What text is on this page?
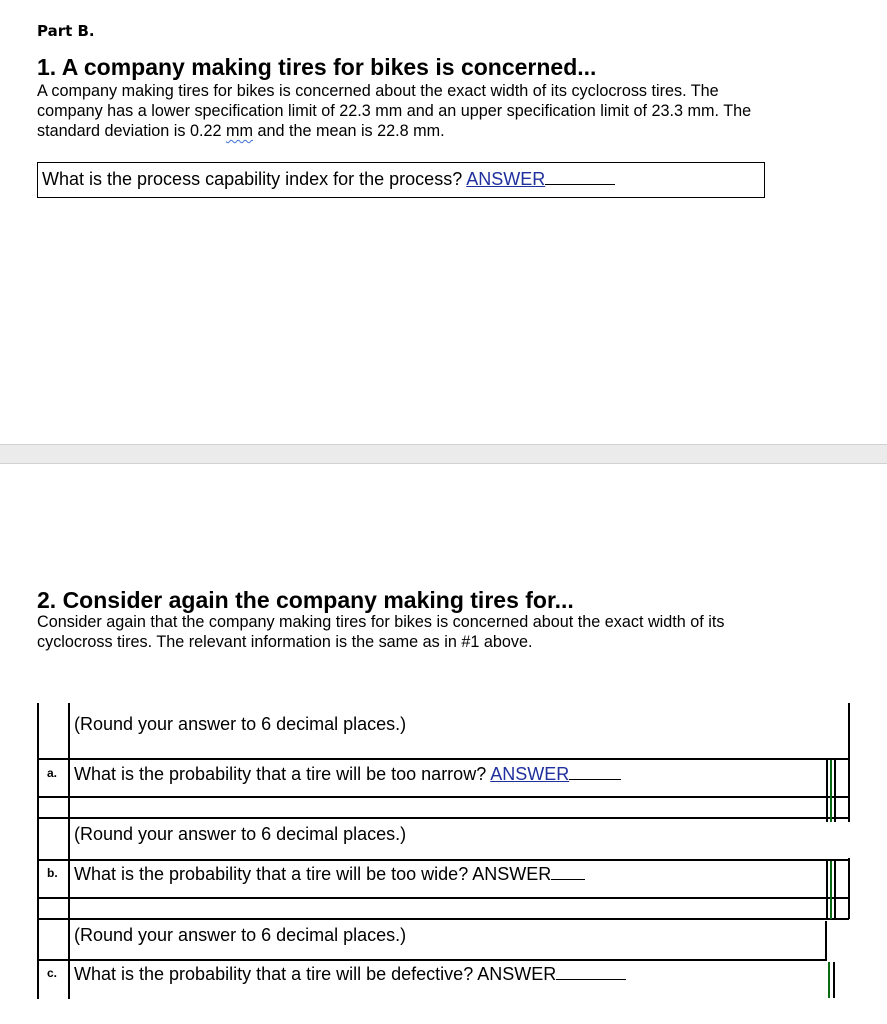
Part B.
1. A company making tires for bikes is concerned...
A company making tires for bikes is concerned about the exact width of its cyclocross tires. The
company has a lower specification limit of 22.3 mm and an upper specification limit of 23.3 mm. The
standard deviation is 0.22 mm and the mean is 22.8 mm.
What is the process capability index for the process? ANSWER
2. Consider again the company making tires for...
Consider again that the company making tires for bikes is concerned about the exact width of its
cyclocross tires. The relevant information is the same as in #1 above.
(Round your answer to 6 decimal places.)
a. What is the probability that a tire will be too narrow? ANSWER
(Round your answer to 6 decimal places.)
b. What is the probability that a tire will be too wide? ANSWER
(Round your answer to 6 decimal places.)
c. What is the probability that a tire will be defective? ANSWER
